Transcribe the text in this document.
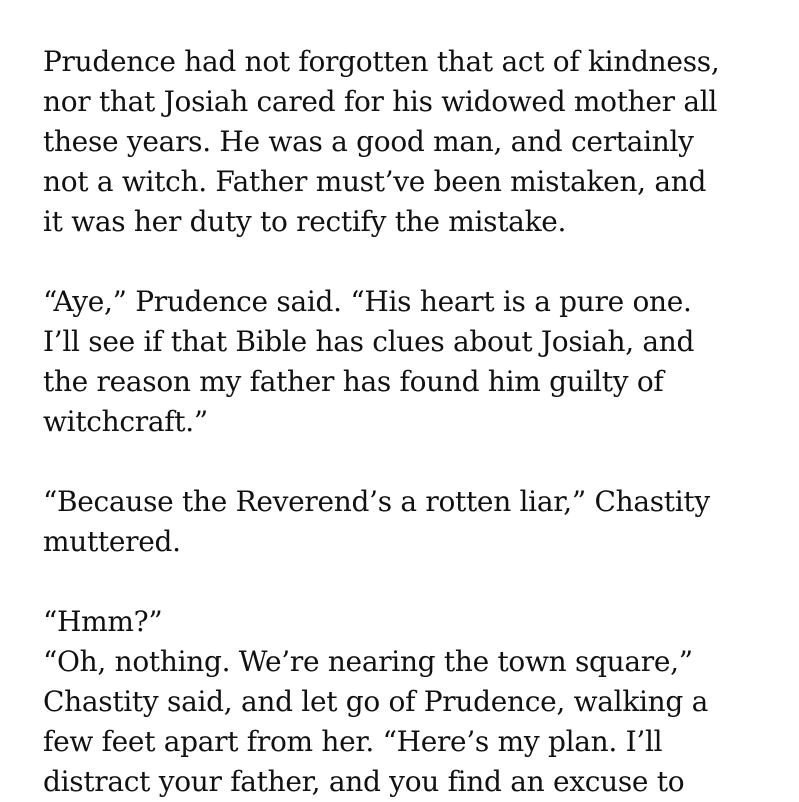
Prudence had not forgotten that act of kindness,
nor that Josiah cared for his widowed mother all
these years. He was a good man, and certainly
not a witch. Father must’ve been mistaken, and
it was her duty to rectify the mistake.

“Aye,” Prudence said. “His heart is a pure one.
I’ll see if that Bible has clues about Josiah, and
the reason my father has found him guilty of
witchcraft.”

“Because the Reverend’s a rotten liar,” Chastity
muttered.

“Hmm?”
“Oh, nothing. We’re nearing the town square,”
Chastity said, and let go of Prudence, walking a
few feet apart from her. “Here’s my plan. I’ll
distract your father, and you find an excuse to
